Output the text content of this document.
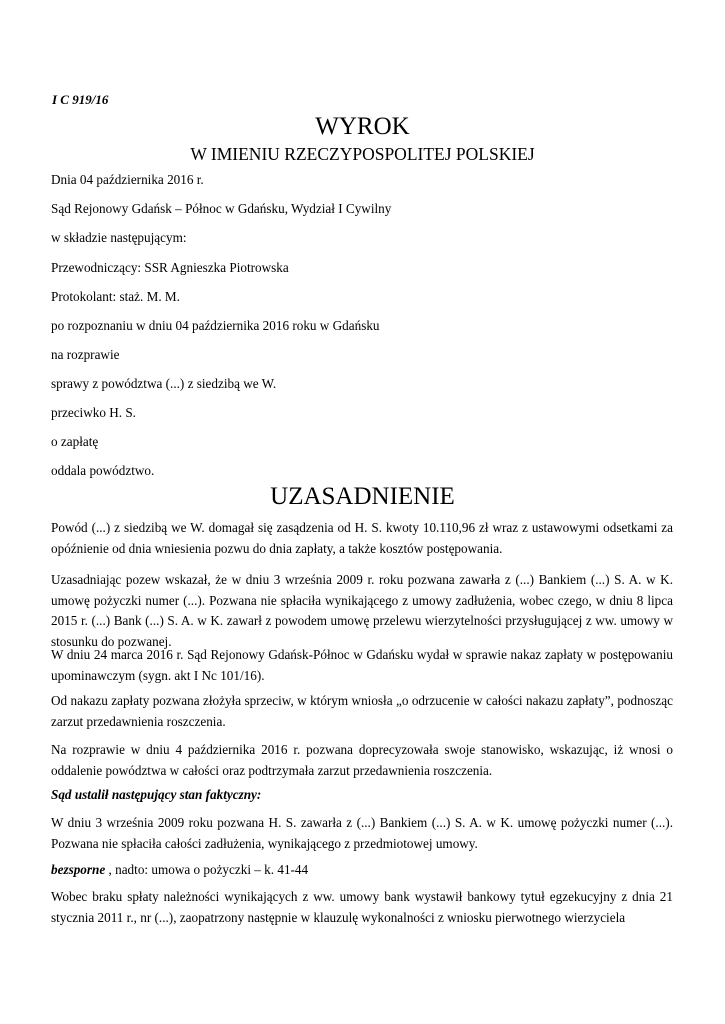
I C 919/16
WYROK
W IMIENIU RZECZYPOSPOLITEJ POLSKIEJ
Dnia 04 października 2016 r.
Sąd Rejonowy Gdańsk – Północ w Gdańsku, Wydział I Cywilny
w składzie następującym:
Przewodniczący: SSR Agnieszka Piotrowska
Protokolant: staż. M. M.
po rozpoznaniu w dniu 04 października 2016 roku w Gdańsku
na rozprawie
sprawy z powództwa (...) z siedzibą we W.
przeciwko H. S.
o zapłatę
oddala powództwo.
UZASADNIENIE
Powód (...) z siedzibą we W. domagał się zasądzenia od H. S. kwoty 10.110,96 zł wraz z ustawowymi odsetkami za opóźnienie od dnia wniesienia pozwu do dnia zapłaty, a także kosztów postępowania.
Uzasadniając pozew wskazał, że w dniu 3 września 2009 r. roku pozwana zawarła z (...) Bankiem (...) S. A. w K. umowę pożyczki numer (...). Pozwana nie spłaciła wynikającego z umowy zadłużenia, wobec czego, w dniu 8 lipca 2015 r. (...) Bank (...) S. A. w K. zawarł z powodem umowę przelewu wierzytelności przysługującej z ww. umowy w stosunku do pozwanej.
W dniu 24 marca 2016 r. Sąd Rejonowy Gdańsk-Północ w Gdańsku wydał w sprawie nakaz zapłaty w postępowaniu upominawczym (sygn. akt I Nc 101/16).
Od nakazu zapłaty pozwana złożyła sprzeciw, w którym wniosła „o odrzucenie w całości nakazu zapłaty”, podnosząc zarzut przedawnienia roszczenia.
Na rozprawie w dniu 4 października 2016 r. pozwana doprecyzowała swoje stanowisko, wskazując, iż wnosi o oddalenie powództwa w całości oraz podtrzymała zarzut przedawnienia roszczenia.
Sąd ustalił następujący stan faktyczny:
W dniu 3 września 2009 roku pozwana H. S. zawarła z (...) Bankiem (...) S. A. w K. umowę pożyczki numer (...). Pozwana nie spłaciła całości zadłużenia, wynikającego z przedmiotowej umowy.
bezsporne , nadto: umowa o pożyczki – k. 41-44
Wobec braku spłaty należności wynikających z ww. umowy bank wystawił bankowy tytuł egzekucyjny z dnia 21 stycznia 2011 r., nr (...), zaopatrzony następnie w klauzulę wykonalności z wniosku pierwotnego wierzyciela
